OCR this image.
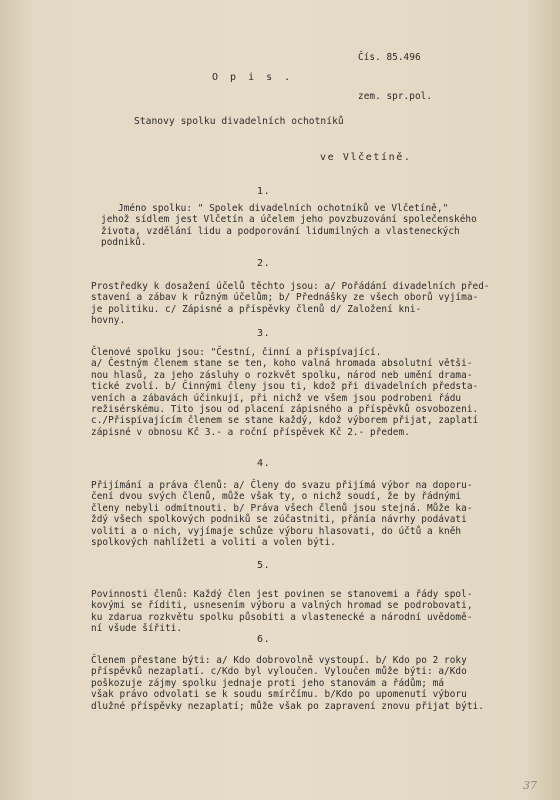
Čís. 85.496

zem. spr.pol.

O p i s .
Stanovy spolku divadelních ochotníků
ve Vlčetíně.
1.
Jméno spolku: " Spolek divadelních ochotníků ve Vlčetíně,"
jehož sídlem jest Vlčetín a účelem jeho povzbuzování společenského
života, vzdělání lidu a podporování lidumilných a vlastenecký‍ch
podniků.
2.
Prostředky k dosažení účelů těchto jsou: a/ Pořádání divadelních před-
stavení a zábav k různým účelům; b/ Přednášky ze všech oborů vyjíma-
je politiku. c/ Zápisné a příspěvky členů d/ Založení kni-
hovny.
3.
Členové spolku jsou: "Čestní, činní a přispívající.
a/ Čestným členem stane se ten, koho valná hromada absolutní větši-
nou hlasů, za jeho zásluhy o rozkvět spolku, národ neb umění drama-
tické zvolí. b/ Činnými členy jsou ti, kdož při divadelních předsta-
veních a zábavách účinkují, při nichž ve všem jsou podrobeni řádu
režisérskému. Tito jsou od placení zápisného a příspěvků osvobozeni.
c./Přispívajícím členem se stane každý, kdož výborem přijat, zaplatí
zápisné v obnosu Kč 3.- a roční příspěvek Kč 2.- předem.
4.
Přijímání a práva členů: a/ Členy do svazu přijímá výbor na doporu-
čení dvou svých členů, může však ty, o nichž soudí, že by řádnými
členy nebyli odmítnouti. b/ Práva všech členů jsou stejná. Může ka-
ždý všech spolkových podniků se zúčastniti, přánía návrhy podávati
voliti a o nich, vyjímaje schůze výboru hlasovati, do účtů a kněh
spolkových nahlížeti a voliti a volen býti.
5.
Povinnosti členů: Každý člen jest povinen se stanovemi a řády spol-
kovými se říditi, usnesením výboru a valných hromad se podrobovati,
ku zdarua rozkvětu spolku působiti a vlastenecké a národní uvědomě-
ní všude šířiti.
6.
Členem přestane býti: a/ Kdo dobrovolně vystoupí. b/ Kdo po 2 roky
příspěvků nezaplatí. c/Kdo byl vyloučen. Vyloučen může býti: a/Kdo
poškozuje zájmy spolku jednaje proti jeho stanovám a řádům; má
však právo odvolati se k soudu smírčímu. b/Kdo po upomenutí výboru
dlužné příspěvky nezaplatí; může však po zapravení znovu přijat býti.
37
